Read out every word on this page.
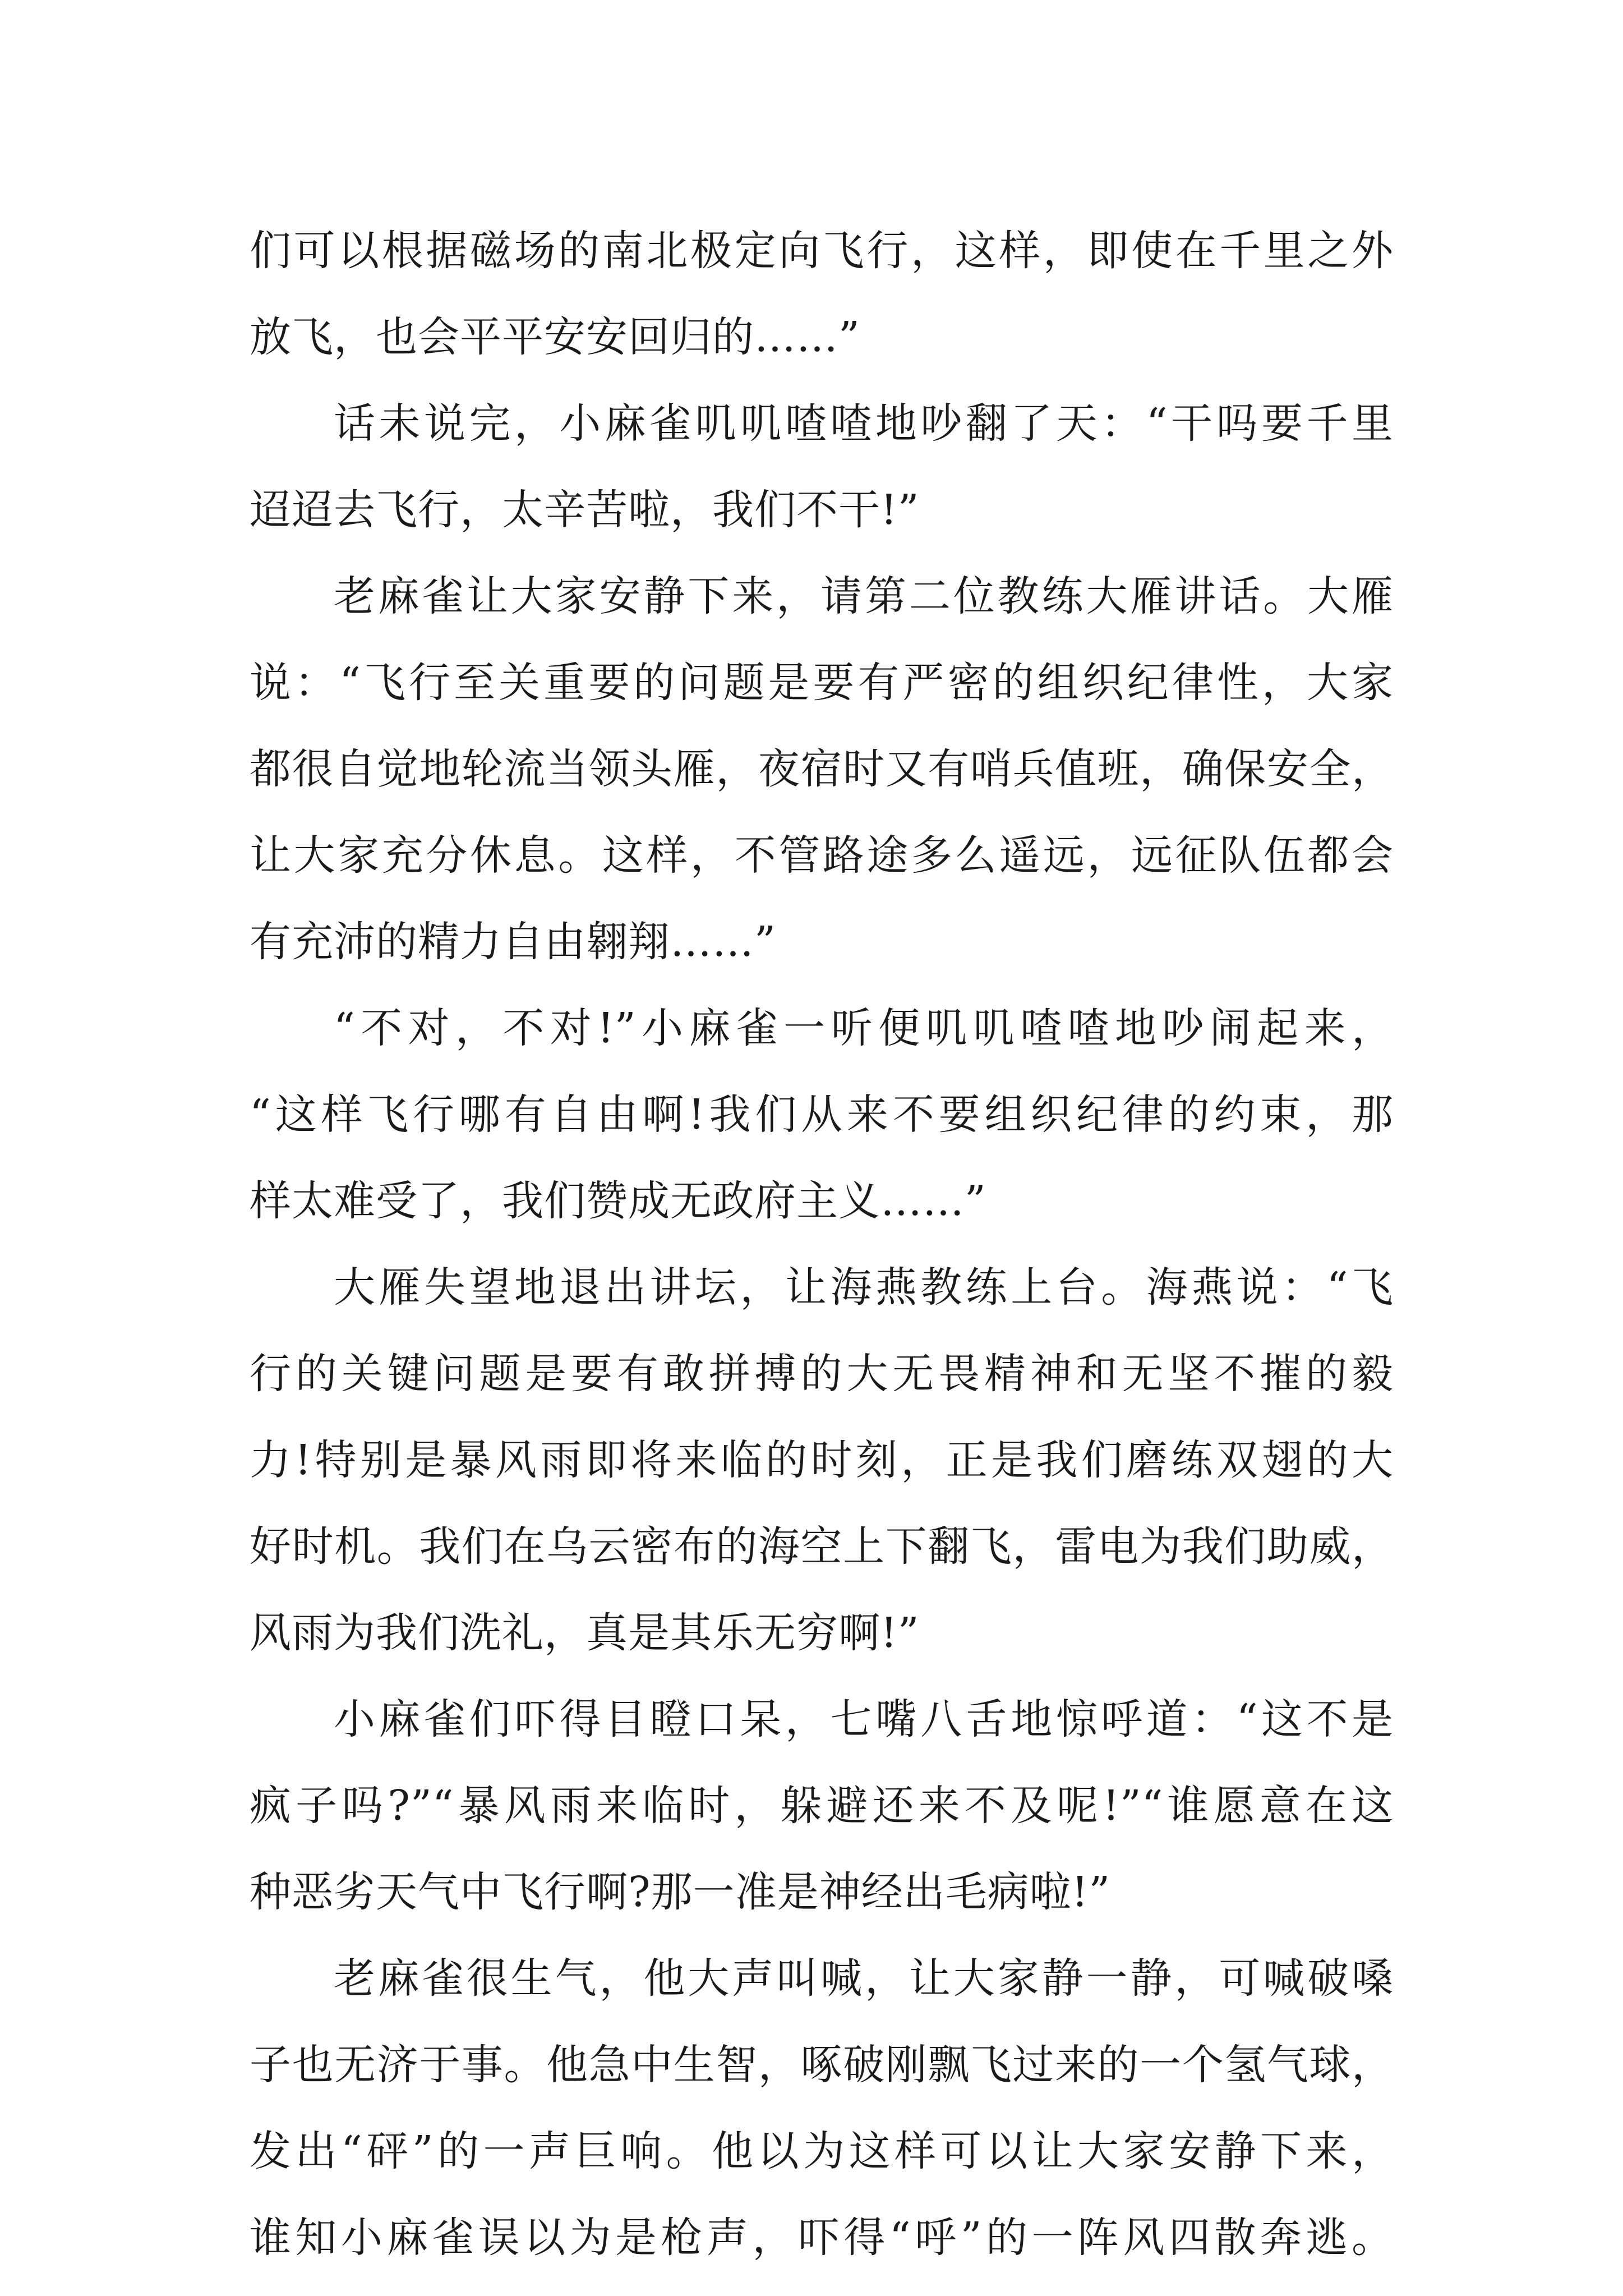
们可以根据磁场的南北极定向飞行，这样，即使在千里之外
放飞，也会平平安安回归的……”
话未说完，小麻雀叽叽喳喳地吵翻了天：“干吗要千里
迢迢去飞行，太辛苦啦，我们不干!”
老麻雀让大家安静下来，请第二位教练大雁讲话。大雁
说：“飞行至关重要的问题是要有严密的组织纪律性，大家
都很自觉地轮流当领头雁，夜宿时又有哨兵值班，确保安全，
让大家充分休息。这样，不管路途多么遥远，远征队伍都会
有充沛的精力自由翱翔……”
“不对，不对!”小麻雀一听便叽叽喳喳地吵闹起来，
“这样飞行哪有自由啊!我们从来不要组织纪律的约束，那
样太难受了，我们赞成无政府主义……”
大雁失望地退出讲坛，让海燕教练上台。海燕说：“飞
行的关键问题是要有敢拼搏的大无畏精神和无坚不摧的毅
力!特别是暴风雨即将来临的时刻，正是我们磨练双翅的大
好时机。我们在乌云密布的海空上下翻飞，雷电为我们助威，
风雨为我们洗礼，真是其乐无穷啊!”
小麻雀们吓得目瞪口呆，七嘴八舌地惊呼道：“这不是
疯子吗?”“暴风雨来临时，躲避还来不及呢!”“谁愿意在这
种恶劣天气中飞行啊?那一准是神经出毛病啦!”
老麻雀很生气，他大声叫喊，让大家静一静，可喊破嗓
子也无济于事。他急中生智，啄破刚飘飞过来的一个氢气球，
发出“砰”的一声巨响。他以为这样可以让大家安静下来，
谁知小麻雀误以为是枪声，吓得“呼”的一阵风四散奔逃。
